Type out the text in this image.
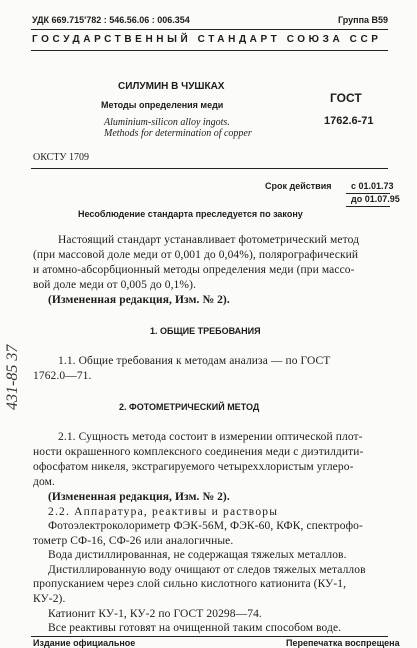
УДК 669.715'782 : 546.56.06 : 006.354	Группа В59
ГОСУДАРСТВЕННЫЙ СТАНДАРТ СОЮЗА ССР
СИЛУМИН В ЧУШКАХ
Методы определения меди
Aluminium-silicon alloy ingots.
Methods for determination of copper
ГОСТ
1762.6-71
ОКСТУ 1709
Срок действия с 01.01.73
до 01.07.95
Несоблюдение стандарта преследуется по закону
Настоящий стандарт устанавливает фотометрический метод
(при массовой доле меди от 0,001 до 0,04%), полярографический
и атомно-абсорбционный методы определения меди (при массо-
вой доле меди от 0,005 до 0,1%).
(Измененная редакция, Изм. № 2).
1. ОБЩИЕ ТРЕБОВАНИЯ
1.1. Общие требования к методам анализа — по ГОСТ
1762.0—71.
2. ФОТОМЕТРИЧЕСКИЙ МЕТОД
2.1. Сущность метода состоит в измерении оптической плот-
ности окрашенного комплексного соединения меди с диэтилдити-
офосфатом никеля, экстрагируемого четыреххлористым углеро-
дом.
(Измененная редакция, Изм. № 2).
2.2. Аппаратура, реактивы и растворы
Фотоэлектроколориметр ФЭК-56М, ФЭК-60, КФК, спектрофо-
тометр СФ-16, СФ-26 или аналогичные.
Вода дистиллированная, не содержащая тяжелых металлов.
Дистиллированную воду очищают от следов тяжелых металлов
пропусканием через слой сильно кислотного катионита (КУ-1,
КУ-2).
Катионит КУ-1, КУ-2 по ГОСТ 20298—74.
Все реактивы готовят на очищенной таким способом воде.
Издание официальное	Перепечатка воспрещена
431-85 37
